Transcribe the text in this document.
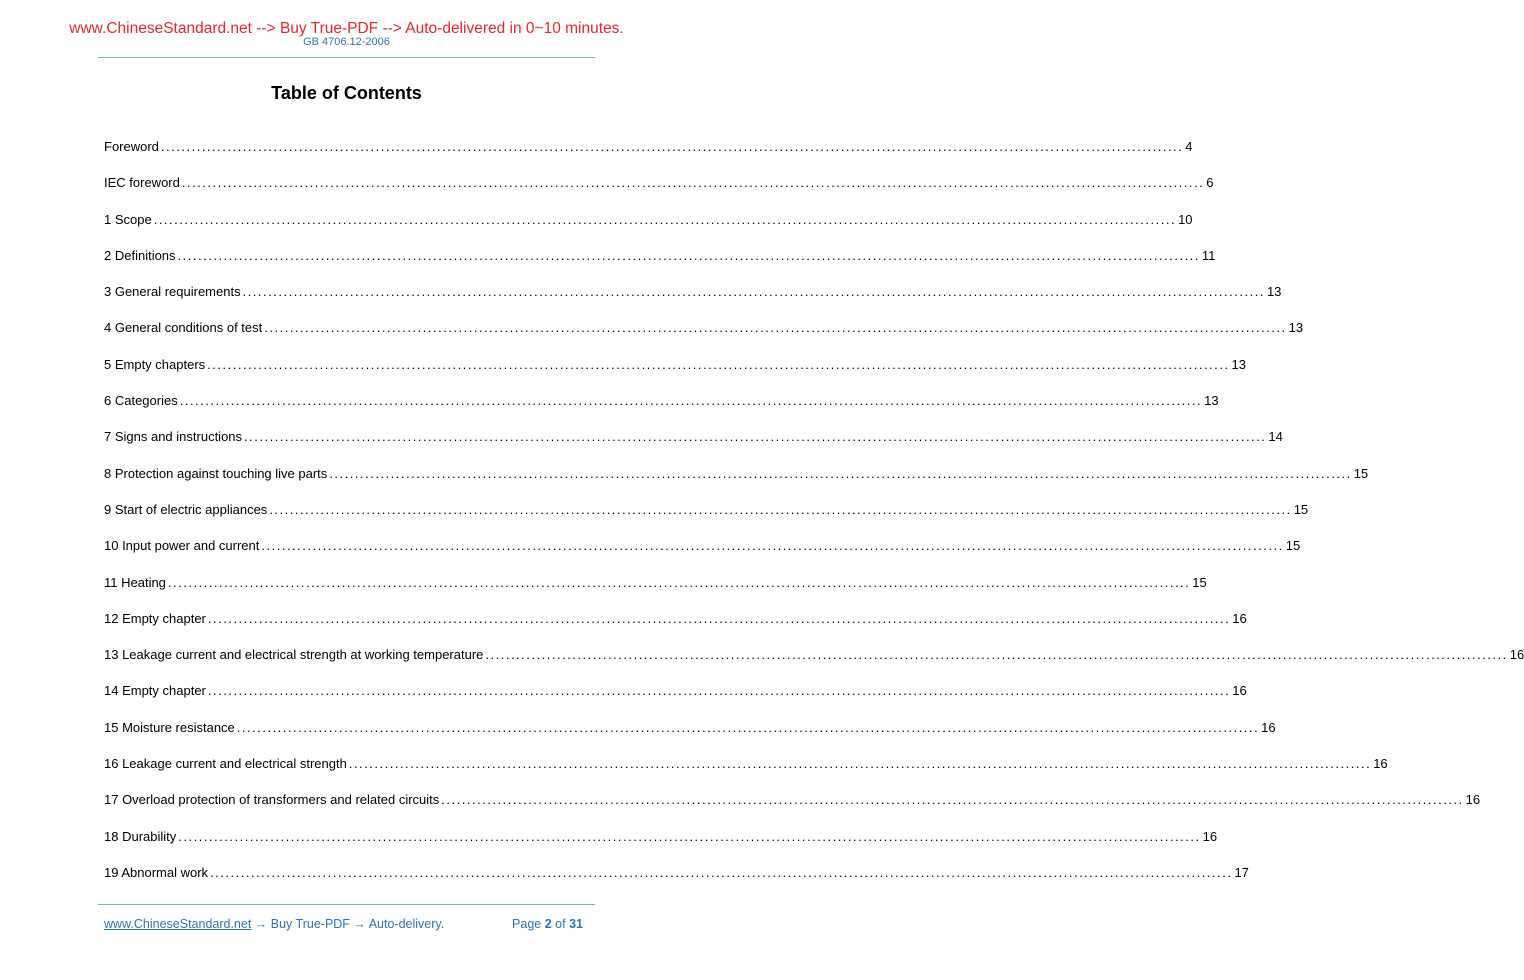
www.ChineseStandard.net --> Buy True-PDF --> Auto-delivered in 0~10 minutes.
GB 4706.12-2006
Table of Contents
Foreword ........................................................................................................................................................................................................ 4
IEC foreword ........................................................................................................................................................................................................ 6
1 Scope ........................................................................................................................................................................................................ 10
2 Definitions ........................................................................................................................................................................................................ 11
3 General requirements ........................................................................................................................................................................................................ 13
4 General conditions of test ........................................................................................................................................................................................................ 13
5 Empty chapters ........................................................................................................................................................................................................ 13
6 Categories ........................................................................................................................................................................................................ 13
7 Signs and instructions ........................................................................................................................................................................................................ 14
8 Protection against touching live parts ........................................................................................................................................................................................................ 15
9 Start of electric appliances ........................................................................................................................................................................................................ 15
10 Input power and current ........................................................................................................................................................................................................ 15
11 Heating ........................................................................................................................................................................................................ 15
12 Empty chapter ........................................................................................................................................................................................................ 16
13 Leakage current and electrical strength at working temperature ........................................................................................................................................................................................................ 16
14 Empty chapter ........................................................................................................................................................................................................ 16
15 Moisture resistance ........................................................................................................................................................................................................ 16
16 Leakage current and electrical strength ........................................................................................................................................................................................................ 16
17 Overload protection of transformers and related circuits ........................................................................................................................................................................................................ 16
18 Durability ........................................................................................................................................................................................................ 16
19 Abnormal work ........................................................................................................................................................................................................ 17
www.ChineseStandard.net → Buy True-PDF → Auto-delivery.	Page 2 of 31
